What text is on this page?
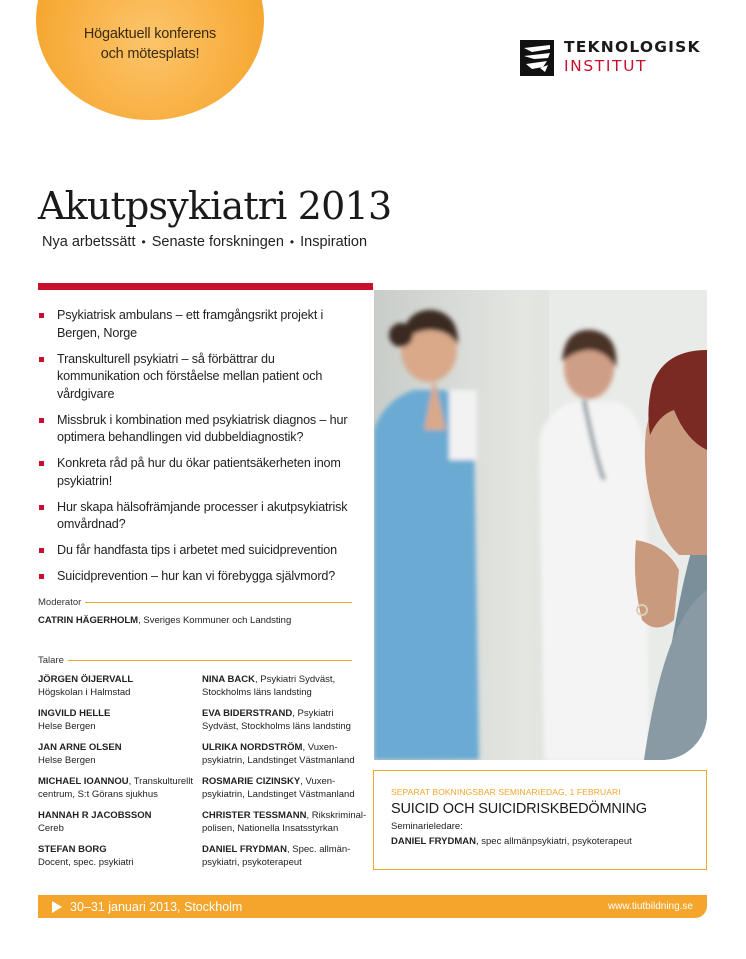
Högaktuell konferens
och mötesplats!	TEKNOLOGISK
INSTITUT
Akutpsykiatri 2013
Nya arbetssätt • Senaste forskningen • Inspiration
Psykiatrisk ambulans – ett framgångsrikt projekt i Bergen, Norge
Transkulturell psykiatri – så förbättrar du kommunikation och förståelse mellan patient och vårdgivare
Missbruk i kombination med psykiatrisk diagnos – hur optimera behandlingen vid dubbeldiagnostik?
Konkreta råd på hur du ökar patientsäkerheten inom psykiatrin!
Hur skapa hälsofrämjande processer i akutpsykiatrisk omvårdnad?
Du får handfasta tips i arbetet med suicidprevention
Suicidprevention – hur kan vi förebygga självmord?
Moderator
CATRIN HÄGERHOLM, Sveriges Kommuner och Landsting
Talare
JÖRGEN ÖIJERVALL
Högskolan i Halmstad
INGVILD HELLE
Helse Bergen
JAN ARNE OLSEN
Helse Bergen
MICHAEL IOANNOU, Transkulturellt
centrum, S:t Görans sjukhus
HANNAH R JACOBSSON
Cereb
STEFAN BORG
Docent, spec. psykiatri
NINA BACK, Psykiatri Sydväst,
Stockholms läns landsting
EVA BIDERSTRAND, Psykiatri
Sydväst, Stockholms läns landsting
ULRIKA NORDSTRÖM, Vuxen-
psykiatrin, Landstinget Västmanland
ROSMARIE CIZINSKY, Vuxen-
psykiatrin, Landstinget Västmanland
CHRISTER TESSMANN, Rikskriminal-
polisen, Nationella Insatsstyrkan
DANIEL FRYDMAN, Spec. allmän-
psykiatri, psykoterapeut
SEPARAT BOKNINGSBAR SEMINARIEDAG, 1 FEBRUARI
SUICID OCH SUICIDRISKBEDÖMNING
Seminarieledare:
DANIEL FRYDMAN, spec allmänpsykiatri, psykoterapeut
30–31 januari 2013, Stockholm	www.tiutbildning.se
